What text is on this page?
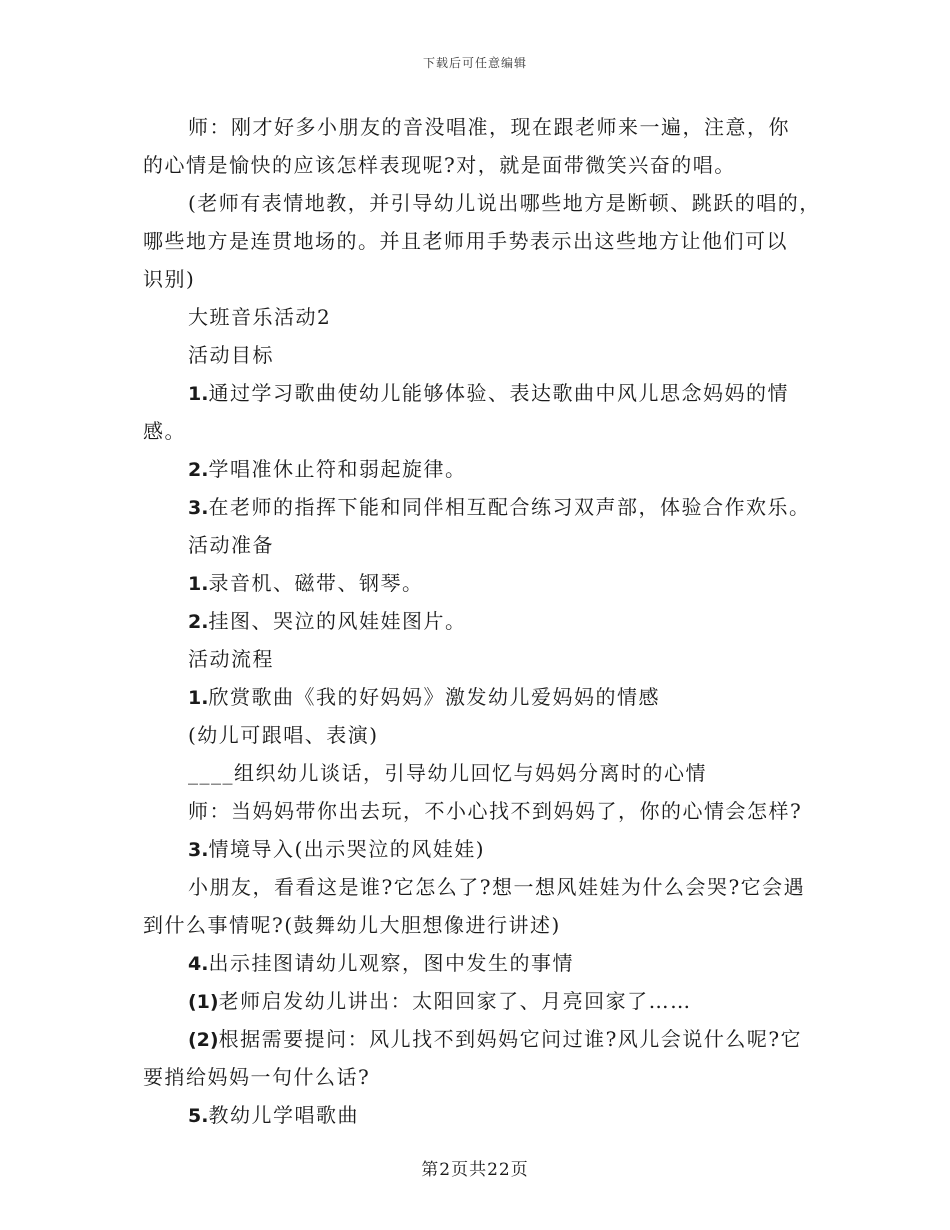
下载后可任意编辑

师：刚才好多小朋友的音没唱准，现在跟老师来一遍，注意，你

的心情是愉快的应该怎样表现呢?对，就是面带微笑兴奋的唱。

(老师有表情地教，并引导幼儿说出哪些地方是断顿、跳跃的唱的，

哪些地方是连贯地场的。并且老师用手势表示出这些地方让他们可以

识别)

大班音乐活动2

活动目标

1.通过学习歌曲使幼儿能够体验、表达歌曲中风儿思念妈妈的情

感。

2.学唱准休止符和弱起旋律。

3.在老师的指挥下能和同伴相互配合练习双声部，体验合作欢乐。

活动准备

1.录音机、磁带、钢琴。

2.挂图、哭泣的风娃娃图片。

活动流程

1.欣赏歌曲《我的好妈妈》激发幼儿爱妈妈的情感

(幼儿可跟唱、表演)

____组织幼儿谈话，引导幼儿回忆与妈妈分离时的心情

师：当妈妈带你出去玩，不小心找不到妈妈了，你的心情会怎样?

3.情境导入(出示哭泣的风娃娃)

小朋友，看看这是谁?它怎么了?想一想风娃娃为什么会哭?它会遇

到什么事情呢?(鼓舞幼儿大胆想像进行讲述)

4.出示挂图请幼儿观察，图中发生的事情

(1)老师启发幼儿讲出：太阳回家了、月亮回家了……

(2)根据需要提问：风儿找不到妈妈它问过谁?风儿会说什么呢?它

要捎给妈妈一句什么话?

5.教幼儿学唱歌曲

第2页共22页
